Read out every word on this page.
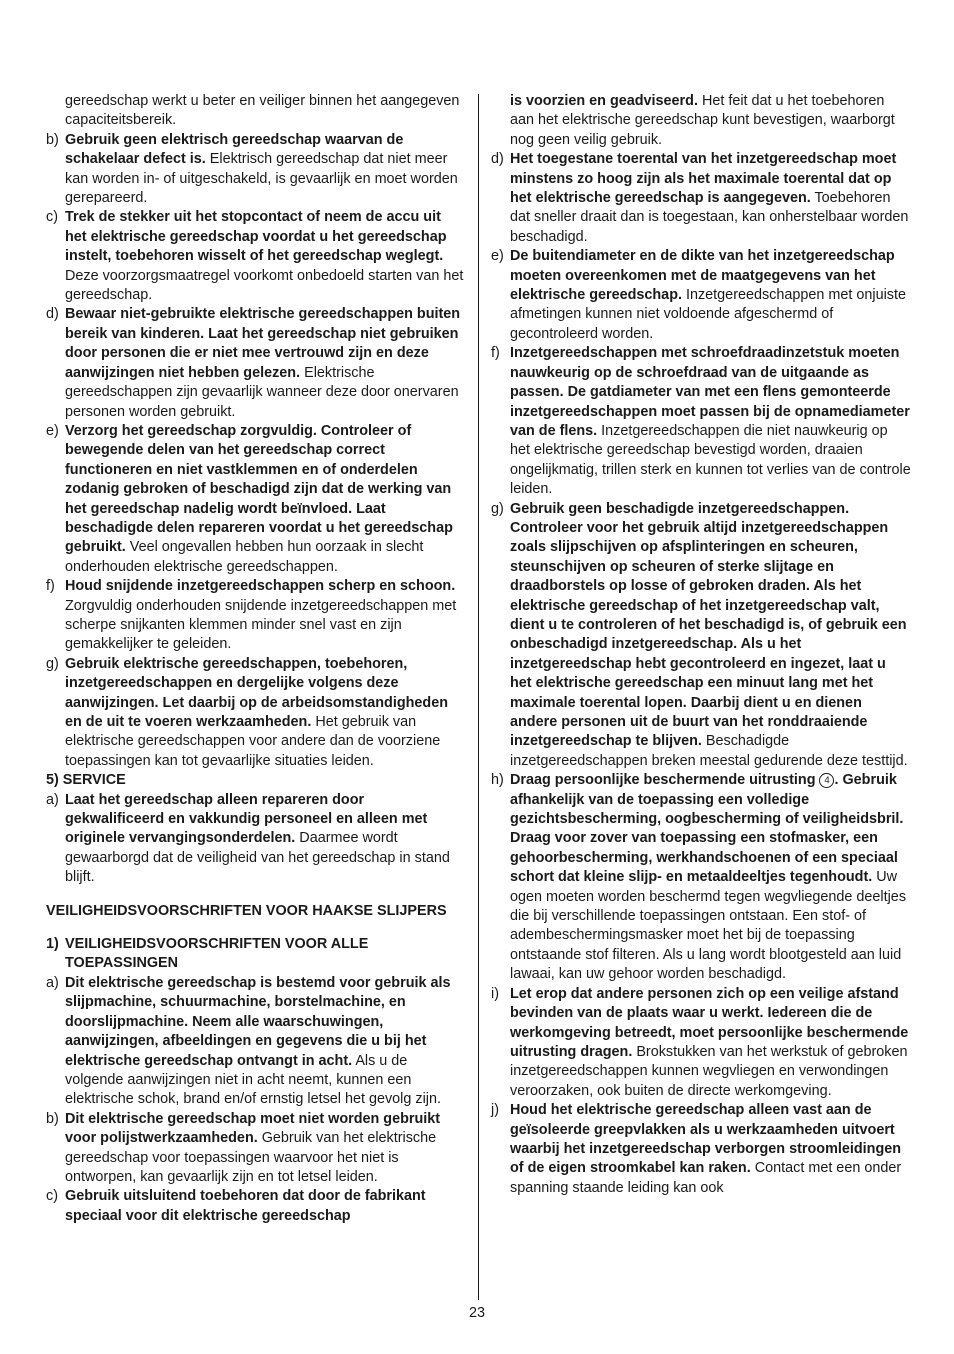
gereedschap werkt u beter en veiliger binnen het aangegeven capaciteitsbereik.

b) Gebruik geen elektrisch gereedschap waarvan de schakelaar defect is. Elektrisch gereedschap dat niet meer kan worden in- of uitgeschakeld, is gevaarlijk en moet worden gerepareerd.
c) Trek de stekker uit het stopcontact of neem de accu uit het elektrische gereedschap voordat u het gereedschap instelt, toebehoren wisselt of het gereedschap weglegt. Deze voorzorgsmaatregel voorkomt onbedoeld starten van het gereedschap.
d) Bewaar niet-gebruikte elektrische gereedschappen buiten bereik van kinderen. Laat het gereedschap niet gebruiken door personen die er niet mee vertrouwd zijn en deze aanwijzingen niet hebben gelezen. Elektrische gereedschappen zijn gevaarlijk wanneer deze door onervaren personen worden gebruikt.
e) Verzorg het gereedschap zorgvuldig. Controleer of bewegende delen van het gereedschap correct functioneren en niet vastklemmen en of onderdelen zodanig gebroken of beschadigd zijn dat de werking van het gereedschap nadelig wordt beïnvloed. Laat beschadigde delen repareren voordat u het gereedschap gebruikt. Veel ongevallen hebben hun oorzaak in slecht onderhouden elektrische gereedschappen.
f) Houd snijdende inzetgereedschappen scherp en schoon. Zorgvuldig onderhouden snijdende inzetgereedschappen met scherpe snijkanten klemmen minder snel vast en zijn gemakkelijker te geleiden.
g) Gebruik elektrische gereedschappen, toebehoren, inzetgereedschappen en dergelijke volgens deze aanwijzingen. Let daarbij op de arbeidsomstandigheden en de uit te voeren werkzaamheden. Het gebruik van elektrische gereedschappen voor andere dan de voorziene toepassingen kan tot gevaarlijke situaties leiden.

5) SERVICE

a) Laat het gereedschap alleen repareren door gekwalificeerd en vakkundig personeel en alleen met originele vervangingsonderdelen. Daarmee wordt gewaarborgd dat de veiligheid van het gereedschap in stand blijft.

VEILIGHEIDSVOORSCHRIFTEN VOOR HAAKSE SLIJPERS

1) VEILIGHEIDSVOORSCHRIFTEN VOOR ALLE TOEPASSINGEN
a) Dit elektrische gereedschap is bestemd voor gebruik als slijpmachine, schuurmachine, borstelmachine, en doorslijpmachine. Neem alle waarschuwingen, aanwijzingen, afbeeldingen en gegevens die u bij het elektrische gereedschap ontvangt in acht. Als u de volgende aanwijzingen niet in acht neemt, kunnen een elektrische schok, brand en/of ernstig letsel het gevolg zijn.
b) Dit elektrische gereedschap moet niet worden gebruikt voor polijstwerkzaamheden. Gebruik van het elektrische gereedschap voor toepassingen waarvoor het niet is ontworpen, kan gevaarlijk zijn en tot letsel leiden.
c) Gebruik uitsluitend toebehoren dat door de fabrikant speciaal voor dit elektrische gereedschap

is voorzien en geadviseerd. Het feit dat u het toebehoren aan het elektrische gereedschap kunt bevestigen, waarborgt nog geen veilig gebruik.

d) Het toegestane toerental van het inzetgereedschap moet minstens zo hoog zijn als het maximale toerental dat op het elektrische gereedschap is aangegeven. Toebehoren dat sneller draait dan is toegestaan, kan onherstelbaar worden beschadigd.
e) De buitendiameter en de dikte van het inzetgereedschap moeten overeenkomen met de maatgegevens van het elektrische gereedschap. Inzetgereedschappen met onjuiste afmetingen kunnen niet voldoende afgeschermd of gecontroleerd worden.
f) Inzetgereedschappen met schroefdraadinzetstuk moeten nauwkeurig op de schroefdraad van de uitgaande as passen. De gatdiameter van met een flens gemonteerde inzetgereedschappen moet passen bij de opnamediameter van de flens. Inzetgereedschappen die niet nauwkeurig op het elektrische gereedschap bevestigd worden, draaien ongelijkmatig, trillen sterk en kunnen tot verlies van de controle leiden.
g) Gebruik geen beschadigde inzetgereedschappen. Controleer voor het gebruik altijd inzetgereedschappen zoals slijpschijven op afsplinteringen en scheuren, steunschijven op scheuren of sterke slijtage en draadborstels op losse of gebroken draden. Als het elektrische gereedschap of het inzetgereedschap valt, dient u te controleren of het beschadigd is, of gebruik een onbeschadigd inzetgereedschap. Als u het inzetgereedschap hebt gecontroleerd en ingezet, laat u het elektrische gereedschap een minuut lang met het maximale toerental lopen. Daarbij dient u en dienen andere personen uit de buurt van het ronddraaiende inzetgereedschap te blijven. Beschadigde inzetgereedschappen breken meestal gedurende deze testtijd.
h) Draag persoonlijke beschermende uitrusting 4 . Gebruik afhankelijk van de toepassing een volledige gezichtsbescherming, oogbescherming of veiligheidsbril. Draag voor zover van toepassing een stofmasker, een gehoorbescherming, werkhandschoenen of een speciaal schort dat kleine slijp- en metaaldeeltjes tegenhoudt. Uw ogen moeten worden beschermd tegen wegvliegende deeltjes die bij verschillende toepassingen ontstaan. Een stof- of adembeschermingsmasker moet het bij de toepassing ontstaande stof filteren. Als u lang wordt blootgesteld aan luid lawaai, kan uw gehoor worden beschadigd.
i) Let erop dat andere personen zich op een veilige afstand bevinden van de plaats waar u werkt. Iedereen die de werkomgeving betreedt, moet persoonlijke beschermende uitrusting dragen. Brokstukken van het werkstuk of gebroken inzetgereedschappen kunnen wegvliegen en verwondingen veroorzaken, ook buiten de directe werkomgeving.
j) Houd het elektrische gereedschap alleen vast aan de geïsoleerde greepvlakken als u werkzaamheden uitvoert waarbij het inzetgereedschap verborgen stroomleidingen of de eigen stroomkabel kan raken. Contact met een onder spanning staande leiding kan ook
23
